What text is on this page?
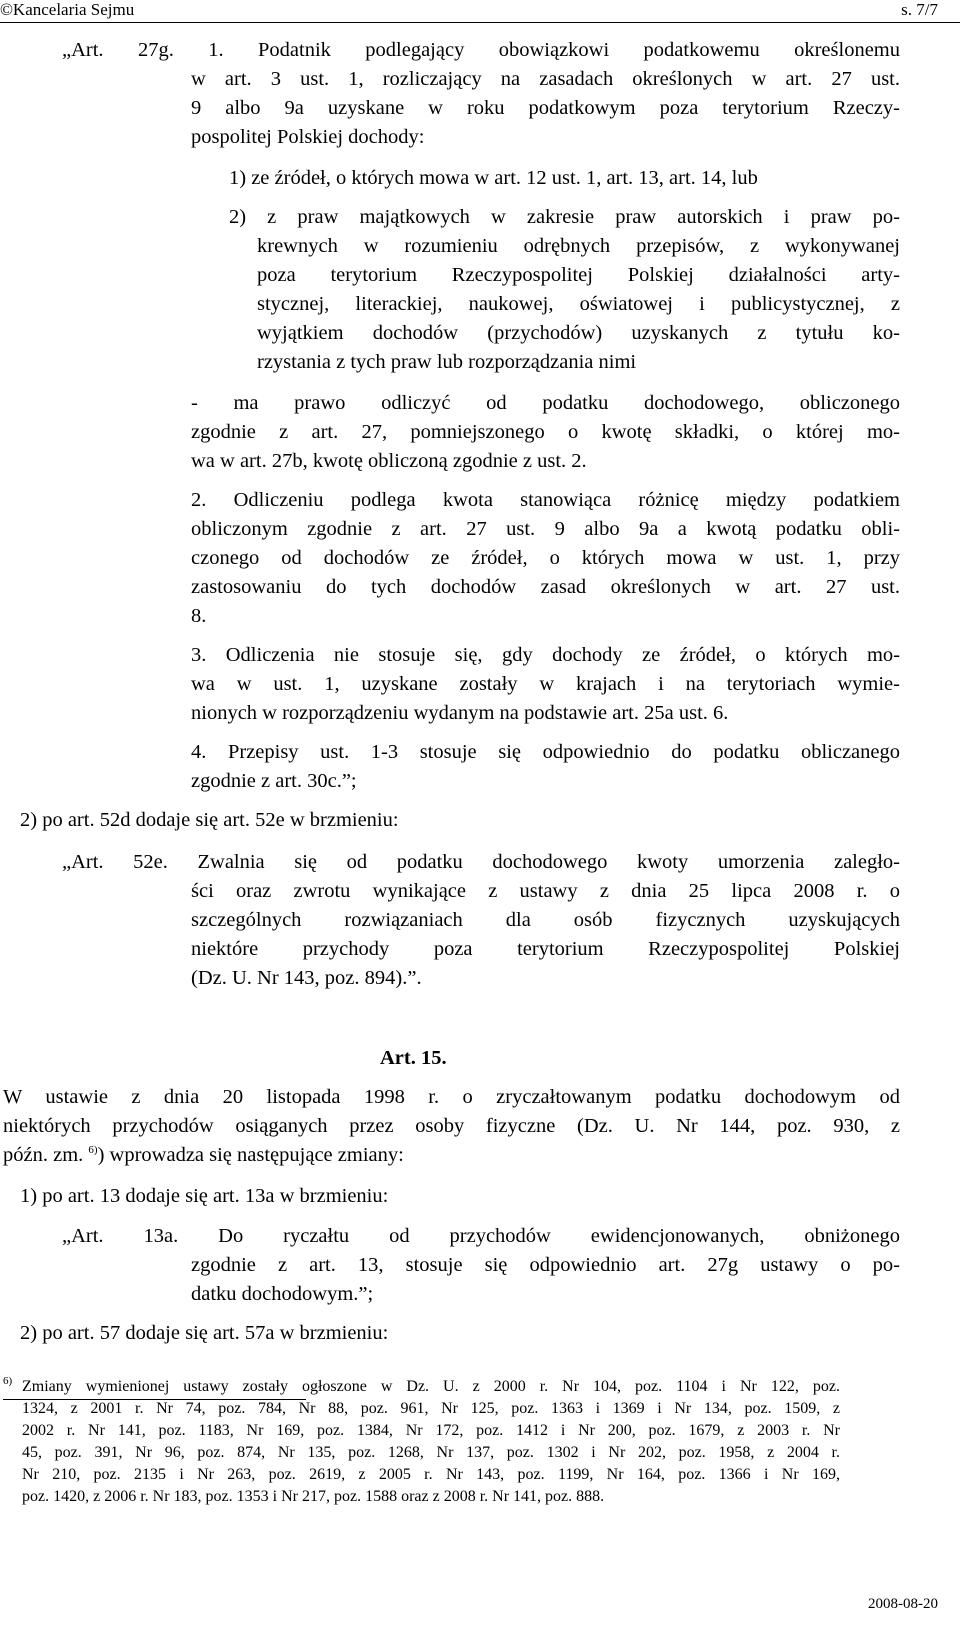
©Kancelaria Sejmu	s. 7/7
„Art. 27g. 1. Podatnik podlegający obowiązkowi podatkowemu określonemu
w art. 3 ust. 1, rozliczający na zasadach określonych w art. 27 ust.
9 albo 9a uzyskane w roku podatkowym poza terytorium Rzeczy-
pospolitej Polskiej dochody:
1) ze źródeł, o których mowa w art. 12 ust. 1, art. 13, art. 14, lub
2) z praw majątkowych w zakresie praw autorskich i praw po-
krewnych w rozumieniu odrębnych przepisów, z wykonywanej
poza terytorium Rzeczypospolitej Polskiej działalności arty-
stycznej, literackiej, naukowej, oświatowej i publicystycznej, z
wyjątkiem dochodów (przychodów) uzyskanych z tytułu ko-
rzystania z tych praw lub rozporządzania nimi
- ma prawo odliczyć od podatku dochodowego, obliczonego
zgodnie z art. 27, pomniejszonego o kwotę składki, o której mo-
wa w art. 27b, kwotę obliczoną zgodnie z ust. 2.
2. Odliczeniu podlega kwota stanowiąca różnicę między podatkiem
obliczonym zgodnie z art. 27 ust. 9 albo 9a a kwotą podatku obli-
czonego od dochodów ze źródeł, o których mowa w ust. 1, przy
zastosowaniu do tych dochodów zasad określonych w art. 27 ust.
8.
3. Odliczenia nie stosuje się, gdy dochody ze źródeł, o których mo-
wa w ust. 1, uzyskane zostały w krajach i na terytoriach wymie-
nionych w rozporządzeniu wydanym na podstawie art. 25a ust. 6.
4. Przepisy ust. 1-3 stosuje się odpowiednio do podatku obliczanego
zgodnie z art. 30c.”;
2) po art. 52d dodaje się art. 52e w brzmieniu:
„Art. 52e. Zwalnia się od podatku dochodowego kwoty umorzenia zaległo-
ści oraz zwrotu wynikające z ustawy z dnia 25 lipca 2008 r. o
szczególnych rozwiązaniach dla osób fizycznych uzyskujących
niektóre przychody poza terytorium Rzeczypospolitej Polskiej
(Dz. U. Nr 143, poz. 894).”.
Art. 15.
W ustawie z dnia 20 listopada 1998 r. o zryczałtowanym podatku dochodowym od
niektórych przychodów osiąganych przez osoby fizyczne (Dz. U. Nr 144, poz. 930, z
późn. zm. $^{6)}$) wprowadza się następujące zmiany:
1) po art. 13 dodaje się art. 13a w brzmieniu:
„Art. 13a. Do ryczałtu od przychodów ewidencjonowanych, obniżonego
zgodnie z art. 13, stosuje się odpowiednio art. 27g ustawy o po-
datku dochodowym.”;
2) po art. 57 dodaje się art. 57a w brzmieniu:
6) Zmiany wymienionej ustawy zostały ogłoszone w Dz. U. z 2000 r. Nr 104, poz. 1104 i Nr 122, poz.
1324, z 2001 r. Nr 74, poz. 784, Nr 88, poz. 961, Nr 125, poz. 1363 i 1369 i Nr 134, poz. 1509, z
2002 r. Nr 141, poz. 1183, Nr 169, poz. 1384, Nr 172, poz. 1412 i Nr 200, poz. 1679, z 2003 r. Nr
45, poz. 391, Nr 96, poz. 874, Nr 135, poz. 1268, Nr 137, poz. 1302 i Nr 202, poz. 1958, z 2004 r.
Nr 210, poz. 2135 i Nr 263, poz. 2619, z 2005 r. Nr 143, poz. 1199, Nr 164, poz. 1366 i Nr 169,
poz. 1420, z 2006 r. Nr 183, poz. 1353 i Nr 217, poz. 1588 oraz z 2008 r. Nr 141, poz. 888.
2008-08-20
